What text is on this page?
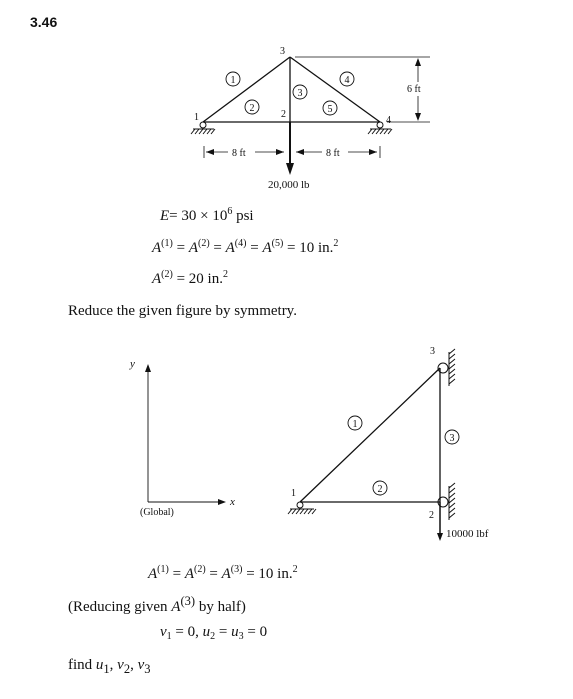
3.46
1
2
3
4
5
1	2
3
4
6 ft
8 ft	8 ft
20,000 lb
$E= 30 \times 10^6$ psi
$A^{(1)} = A^{(2)} = A^{(4)} = A^{(5)} = 10$ in.$^2$
$A^{(2)} = 20$ in.$^2$
Reduce the given figure by symmetry.
y
x
(Global)
1
2
3
1
2
3
10000 lbf
$A^{(1)} = A^{(2)} = A^{(3)} = 10$ in.$^2$
(Reducing given $A^{(3)}$ by half)
$v_1 = 0$, $u_2 = u_3 = 0$
find $u_1$, $v_2$, $v_3$
